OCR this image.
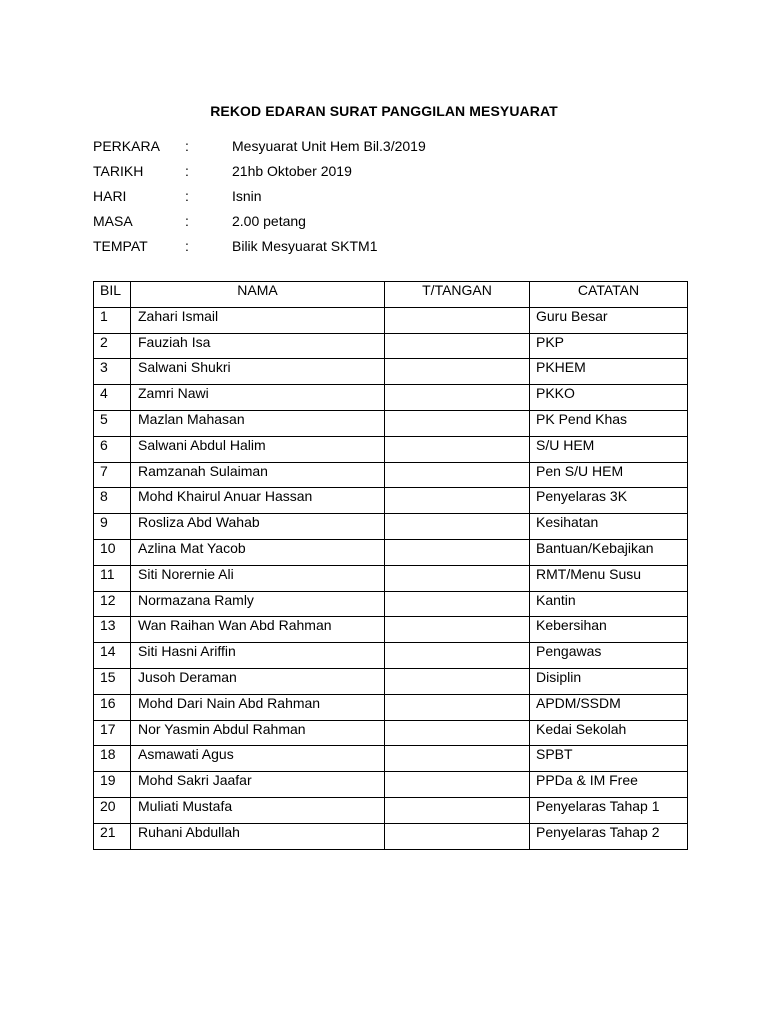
REKOD EDARAN SURAT PANGGILAN MESYUARAT
PERKARA :	Mesyuarat Unit Hem Bil.3/2019
TARIKH	:	21hb Oktober 2019
HARI	:	Isnin
MASA	:	2.00 petang
TEMPAT	:	Bilik Mesyuarat SKTM1
BIL	NAMA	T/TANGAN	CATATAN
1	Zahari Ismail		Guru Besar
2	Fauziah Isa		PKP
3	Salwani Shukri		PKHEM
4	Zamri Nawi		PKKO
5	Mazlan Mahasan		PK Pend Khas
6	Salwani Abdul Halim		S/U HEM
7	Ramzanah Sulaiman		Pen S/U HEM
8	Mohd Khairul Anuar Hassan		Penyelaras 3K
9	Rosliza Abd Wahab		Kesihatan
10	Azlina Mat Yacob		Bantuan/Kebajikan
11	Siti Norernie Ali		RMT/Menu Susu
12	Normazana Ramly		Kantin
13	Wan Raihan Wan Abd Rahman		Kebersihan
14	Siti Hasni Ariffin		Pengawas
15	Jusoh Deraman		Disiplin
16	Mohd Dari Nain Abd Rahman		APDM/SSDM
17	Nor Yasmin Abdul Rahman		Kedai Sekolah
18	Asmawati Agus		SPBT
19	Mohd Sakri Jaafar		PPDa & IM Free
20	Muliati Mustafa		Penyelaras Tahap 1
21	Ruhani Abdullah		Penyelaras Tahap 2
